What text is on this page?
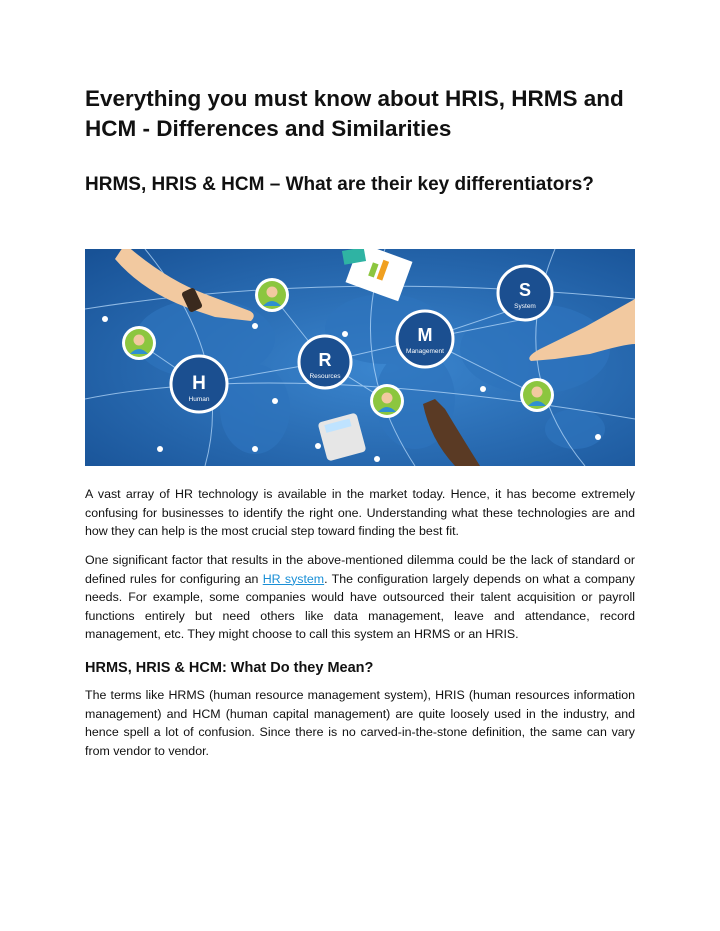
Everything you must know about HRIS, HRMS and HCM - Differences and Similarities
HRMS, HRIS & HCM – What are their key differentiators?
H
Human
R
Resources
M
Management
S
System

A vast array of HR technology is available in the market today. Hence, it has become extremely confusing for businesses to identify the right one. Understanding what these technologies are and how they can help is the most crucial step toward finding the best fit.

One significant factor that results in the above-mentioned dilemma could be the lack of standard or defined rules for configuring an HR system. The configuration largely depends on what a company needs. For example, some companies would have outsourced their talent acquisition or payroll functions entirely but need others like data management, leave and attendance, record management, etc. They might choose to call this system an HRMS or an HRIS.

HRMS, HRIS & HCM: What Do they Mean?

The terms like HRMS (human resource management system), HRIS (human resources information management) and HCM (human capital management) are quite loosely used in the industry, and hence spell a lot of confusion. Since there is no carved-in-the-stone definition, the same can vary from vendor to vendor.
